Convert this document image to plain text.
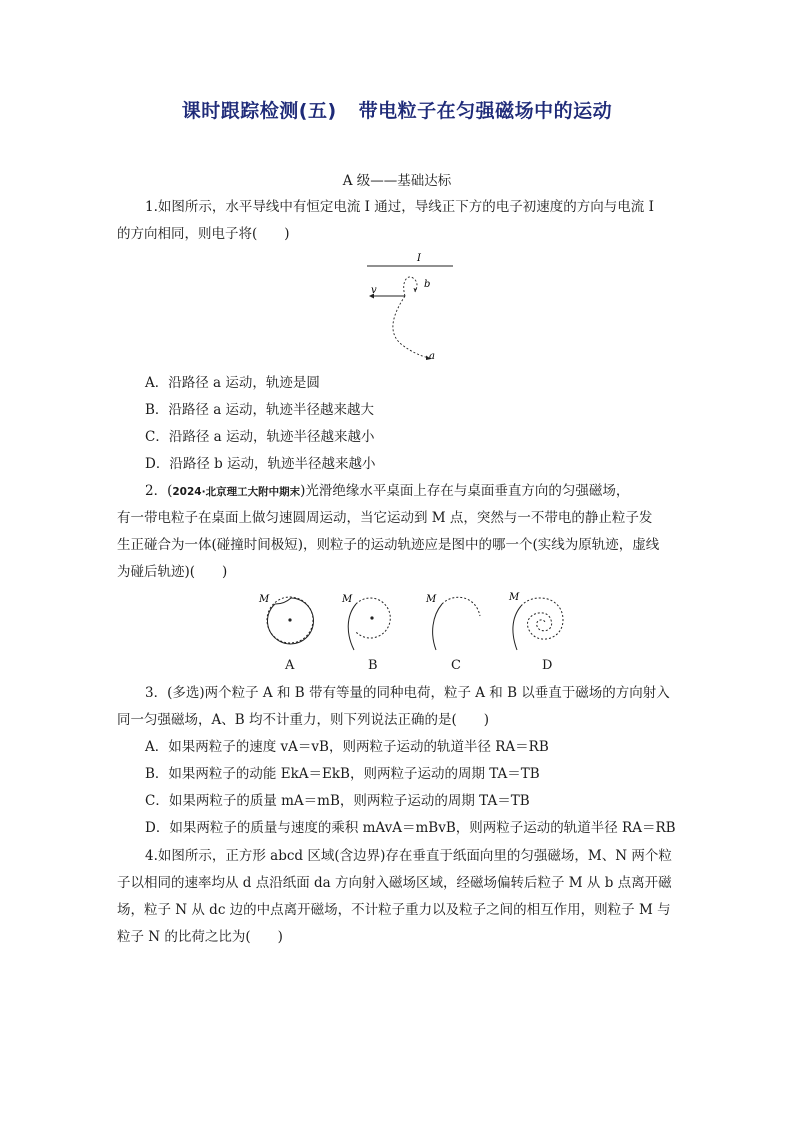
课时跟踪检测(五) 带电粒子在匀强磁场中的运动
A 级——基础达标
1.如图所示，水平导线中有恒定电流 I 通过，导线正下方的电子初速度的方向与电流 I
的方向相同，则电子将(　　)
I
b
v
a
A．沿路径 a 运动，轨迹是圆
B．沿路径 a 运动，轨迹半径越来越大
C．沿路径 a 运动，轨迹半径越来越小
D．沿路径 b 运动，轨迹半径越来越小
2．(2024·北京理工大附中期末)光滑绝缘水平桌面上存在与桌面垂直方向的匀强磁场，
有一带电粒子在桌面上做匀速圆周运动，当它运动到 M 点，突然与一不带电的静止粒子发
生正碰合为一体(碰撞时间极短)，则粒子的运动轨迹应是图中的哪一个(实线为原轨迹，虚线
为碰后轨迹)(　　)
M	M	M	M
A	B	C	D
3．(多选)两个粒子 A 和 B 带有等量的同种电荷，粒子 A 和 B 以垂直于磁场的方向射入
同一匀强磁场，A、B 均不计重力，则下列说法正确的是(　　)
A．如果两粒子的速度 vA＝vB，则两粒子运动的轨道半径 RA＝RB
B．如果两粒子的动能 EkA＝EkB，则两粒子运动的周期 TA＝TB
C．如果两粒子的质量 mA＝mB，则两粒子运动的周期 TA＝TB
D．如果两粒子的质量与速度的乘积 mAvA＝mBvB，则两粒子运动的轨道半径 RA＝RB
4.如图所示，正方形 abcd 区域(含边界)存在垂直于纸面向里的匀强磁场，M、N 两个粒
子以相同的速率均从 d 点沿纸面 da 方向射入磁场区域，经磁场偏转后粒子 M 从 b 点离开磁
场，粒子 N 从 dc 边的中点离开磁场，不计粒子重力以及粒子之间的相互作用，则粒子 M 与
粒子 N 的比荷之比为(　　)
